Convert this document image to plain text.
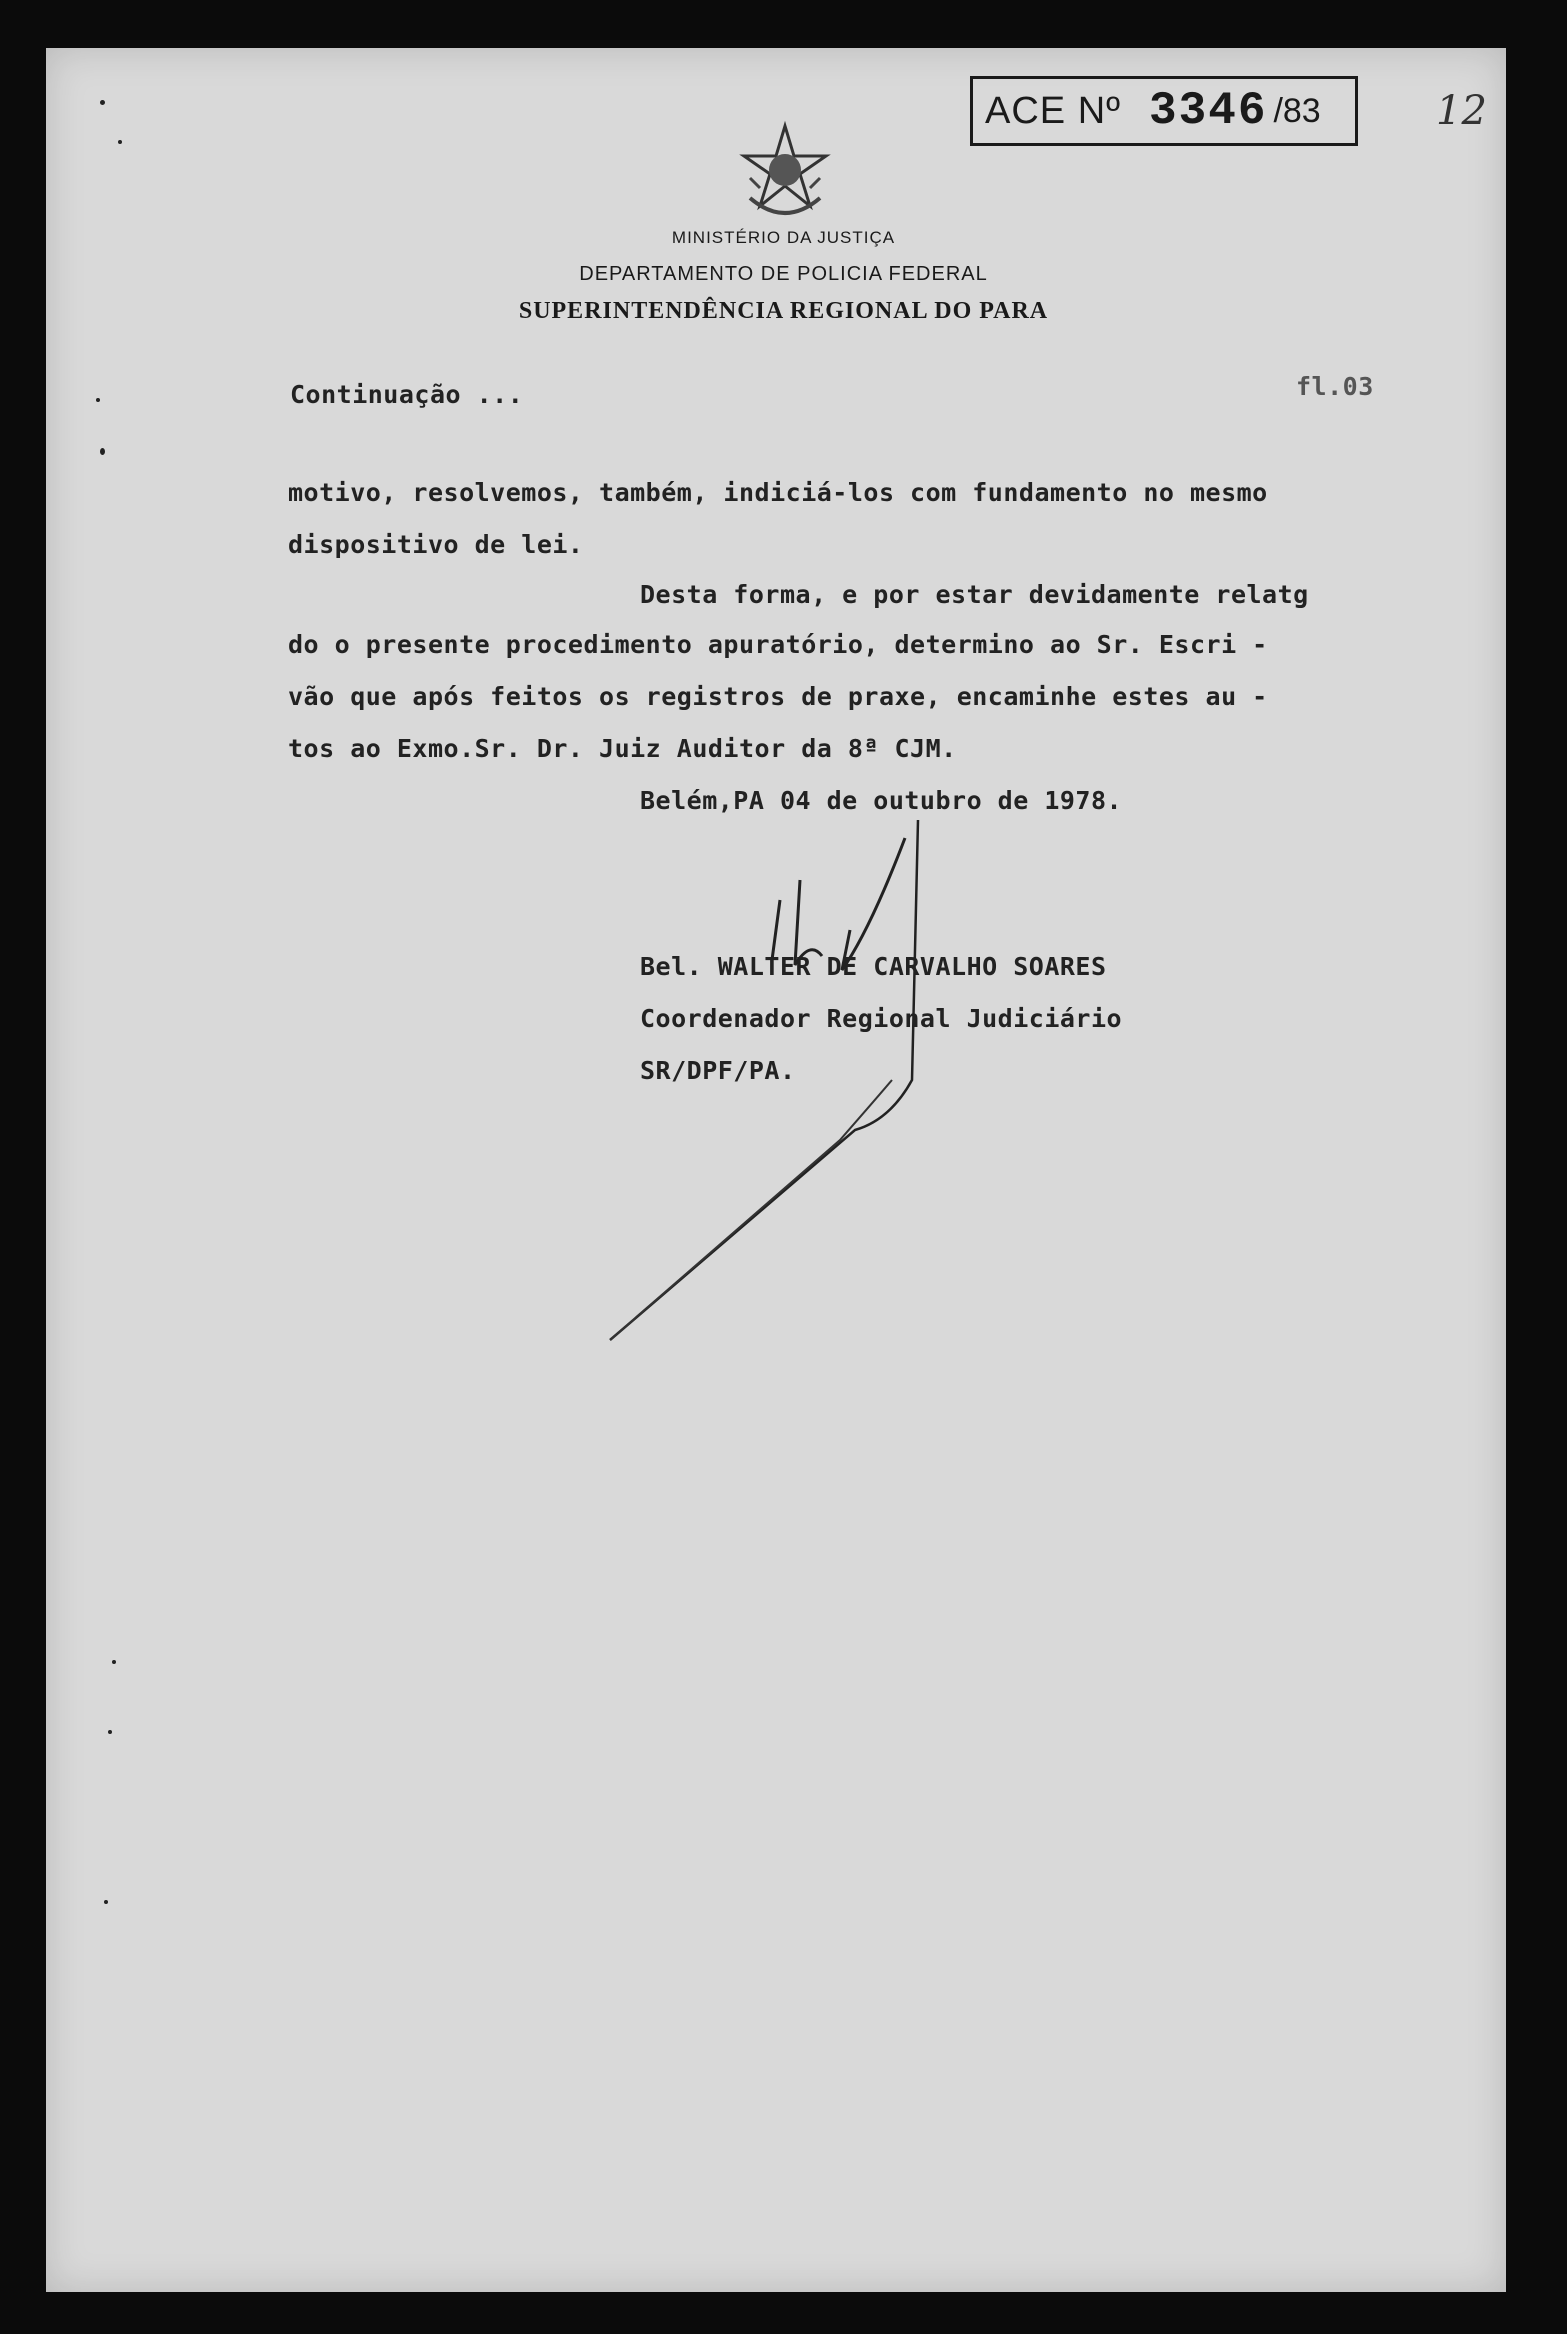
ACE Nº 3346 /83	12
MINISTÉRIO DA JUSTIÇA
DEPARTAMENTO DE POLICIA FEDERAL
SUPERINTENDÊNCIA REGIONAL DO PARA
Continuação ...	fl.03
motivo, resolvemos, também, indiciá-los com fundamento no mesmo
dispositivo de lei.
Desta forma, e por estar devidamente relatg
do o presente procedimento apuratório, determino ao Sr. Escri -
vão que após feitos os registros de praxe, encaminhe estes au -
tos ao Exmo.Sr. Dr. Juiz Auditor da 8ª CJM.
Belém,PA 04 de outubro de 1978.
Bel. WALTER DE CARVALHO SOARES
Coordenador Regional Judiciário
SR/DPF/PA.
